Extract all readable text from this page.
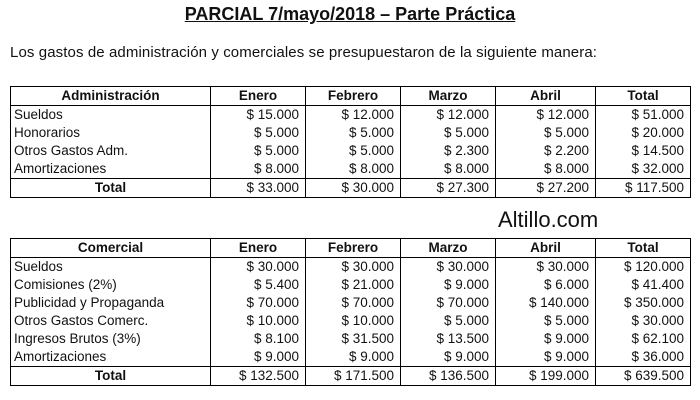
PARCIAL 7/mayo/2018 – Parte Práctica
Los gastos de administración y comerciales se presupuestaron de la siguiente manera:
Administración	Enero	Febrero	Marzo	Abril	Total
Sueldos	$ 15.000	$ 12.000	$ 12.000	$ 12.000	$ 51.000
Honorarios	$ 5.000	$ 5.000	$ 5.000	$ 5.000	$ 20.000
Otros Gastos Adm.	$ 5.000	$ 5.000	$ 2.300	$ 2.200	$ 14.500
Amortizaciones	$ 8.000	$ 8.000	$ 8.000	$ 8.000	$ 32.000
Total	$ 33.000	$ 30.000	$ 27.300	$ 27.200	$ 117.500
Altillo.com
Comercial	Enero	Febrero	Marzo	Abril	Total
Sueldos	$ 30.000	$ 30.000	$ 30.000	$ 30.000	$ 120.000
Comisiones (2%)	$ 5.400	$ 21.000	$ 9.000	$ 6.000	$ 41.400
Publicidad y Propaganda	$ 70.000	$ 70.000	$ 70.000	$ 140.000	$ 350.000
Otros Gastos Comerc.	$ 10.000	$ 10.000	$ 5.000	$ 5.000	$ 30.000
Ingresos Brutos (3%)	$ 8.100	$ 31.500	$ 13.500	$ 9.000	$ 62.100
Amortizaciones	$ 9.000	$ 9.000	$ 9.000	$ 9.000	$ 36.000
Total	$ 132.500	$ 171.500	$ 136.500	$ 199.000	$ 639.500
